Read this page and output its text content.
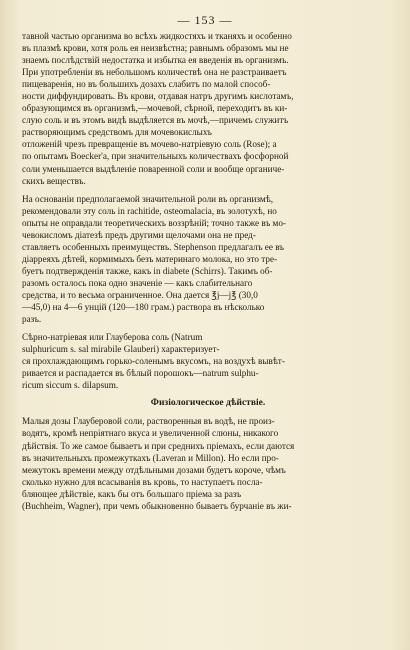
— 153 —
тавной частью организма во всѣхъ жидкостяхъ и тканяхъ и особенно
въ плазмѣ крови, хотя роль ея неизвѣстна; равнымъ образомъ мы не
знаемъ послѣдствiй недостатка и избытка ея введенiя въ организмъ.
При употребленiи въ небольшомъ количествѣ она не разстраиваетъ
пищеваренiя, но въ большихъ дозахъ слабитъ по малой способ-
ности диффундировать. Въ крови, отдавая натръ другимъ кислотамъ,
образующимся въ организмѣ,—мочевой, сѣрной, переходитъ въ ки-
слую соль и въ этомъ видѣ выдѣляется въ мочѣ,—причемъ служитъ
растворяющимъ средствомъ для мочевокислыхъ
отложенiй чрезъ превращенiе въ мочево-натрiевую соль (Rose); а
по опытамъ Boecker'a, при значительныхъ количествахъ фосфорной
соли уменьшается выдѣленiе поваренной соли и вообще органиче-
скихъ веществъ.
На основанiи предполагаемой значительной роли въ организмѣ,
рекомендовали эту соль in rachitide, osteomalacia, въ золотухѣ, но
опыты не оправдали теоретическихъ воззрѣнiй; точно также въ мо-
чевокисломъ дiатезѣ предъ другими щелочами она не пред-
ставляетъ особенныхъ преимуществъ. Stephenson предлагалъ ее въ
дiарреяхъ дѣтей, кормимыхъ безъ материнаго молока, но это тре-
буетъ подтвержденiя также, какъ in diabete (Schirrs). Такимъ об-
разомъ осталось пока одно значенiе — какъ слабительнаго
средства, и то весьма ограниченное. Она дается ℥j—j℥ (30,0
—45,0) на 4—6 унцiй (120—180 грам.) раствора въ нѣсколько
разъ.
Сѣрно-натрiевая или Глауберова соль (Natrum
sulphuricum s. sal mirabile Glauberi) характеризует-
ся прохлаждающимъ горько-соленымъ вкусомъ, на воздухѣ вывѣт-
ривается и распадается въ бѣлый порошокъ—natrum sulphu-
ricum siccum s. dilapsum.
Физiологическое дѣйствiе.
Малыя дозы Глауберовой соли, растворенныя въ водѣ, не произ-
водятъ, кромѣ непрiятнаго вкуса и увеличенной слюны, никакого
дѣйствiя. То же самое бываетъ и при среднихъ прiемахъ, если даются
въ значительныхъ промежуткахъ (Laveran и Millon). Но если про-
межутокъ времени между отдѣльными дозами будетъ короче, чѣмъ
сколько нужно для всасыванiя въ кровь, то наступаетъ посла-
бляющее дѣйствiе, какъ бы отъ большаго прiема за разъ
(Buchheim, Wagner), при чемъ обыкновенно бываетъ бурчанiе въ жи-
